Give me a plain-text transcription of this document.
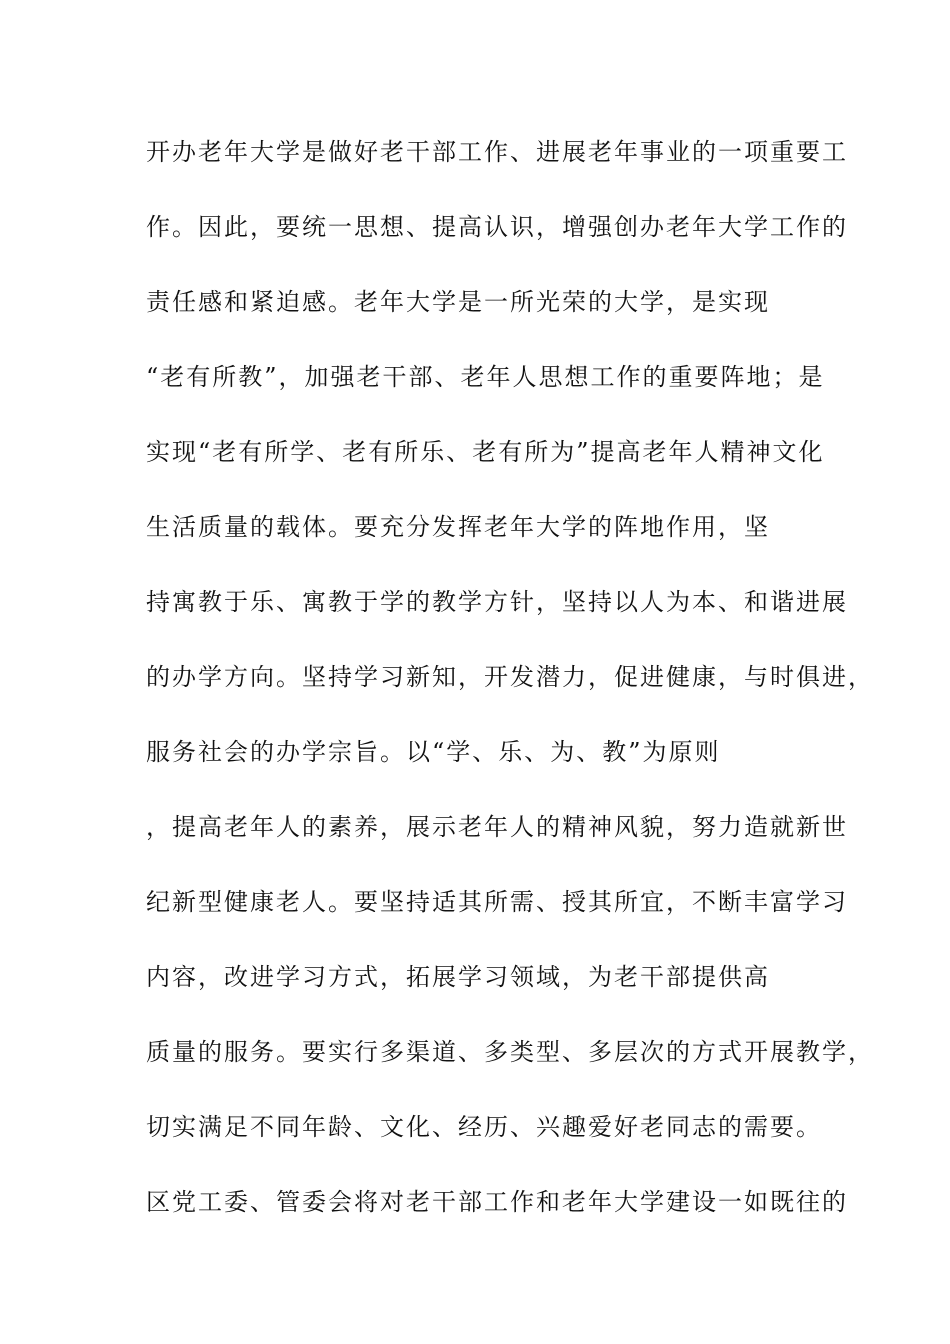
开办老年大学是做好老干部工作、进展老年事业的一项重要工
作。因此，要统一思想、提高认识，增强创办老年大学工作的
责任感和紧迫感。老年大学是一所光荣的大学，是实现
“老有所教”，加强老干部、老年人思想工作的重要阵地；是
实现“老有所学、老有所乐、老有所为”提高老年人精神文化
生活质量的载体。要充分发挥老年大学的阵地作用，坚
持寓教于乐、寓教于学的教学方针，坚持以人为本、和谐进展
的办学方向。坚持学习新知，开发潜力，促进健康，与时俱进，
服务社会的办学宗旨。以“学、乐、为、教”为原则
，提高老年人的素养，展示老年人的精神风貌，努力造就新世
纪新型健康老人。要坚持适其所需、授其所宜，不断丰富学习
内容，改进学习方式，拓展学习领域，为老干部提供高
质量的服务。要实行多渠道、多类型、多层次的方式开展教学，
切实满足不同年龄、文化、经历、兴趣爱好老同志的需要。
区党工委、管委会将对老干部工作和老年大学建设一如既往的
